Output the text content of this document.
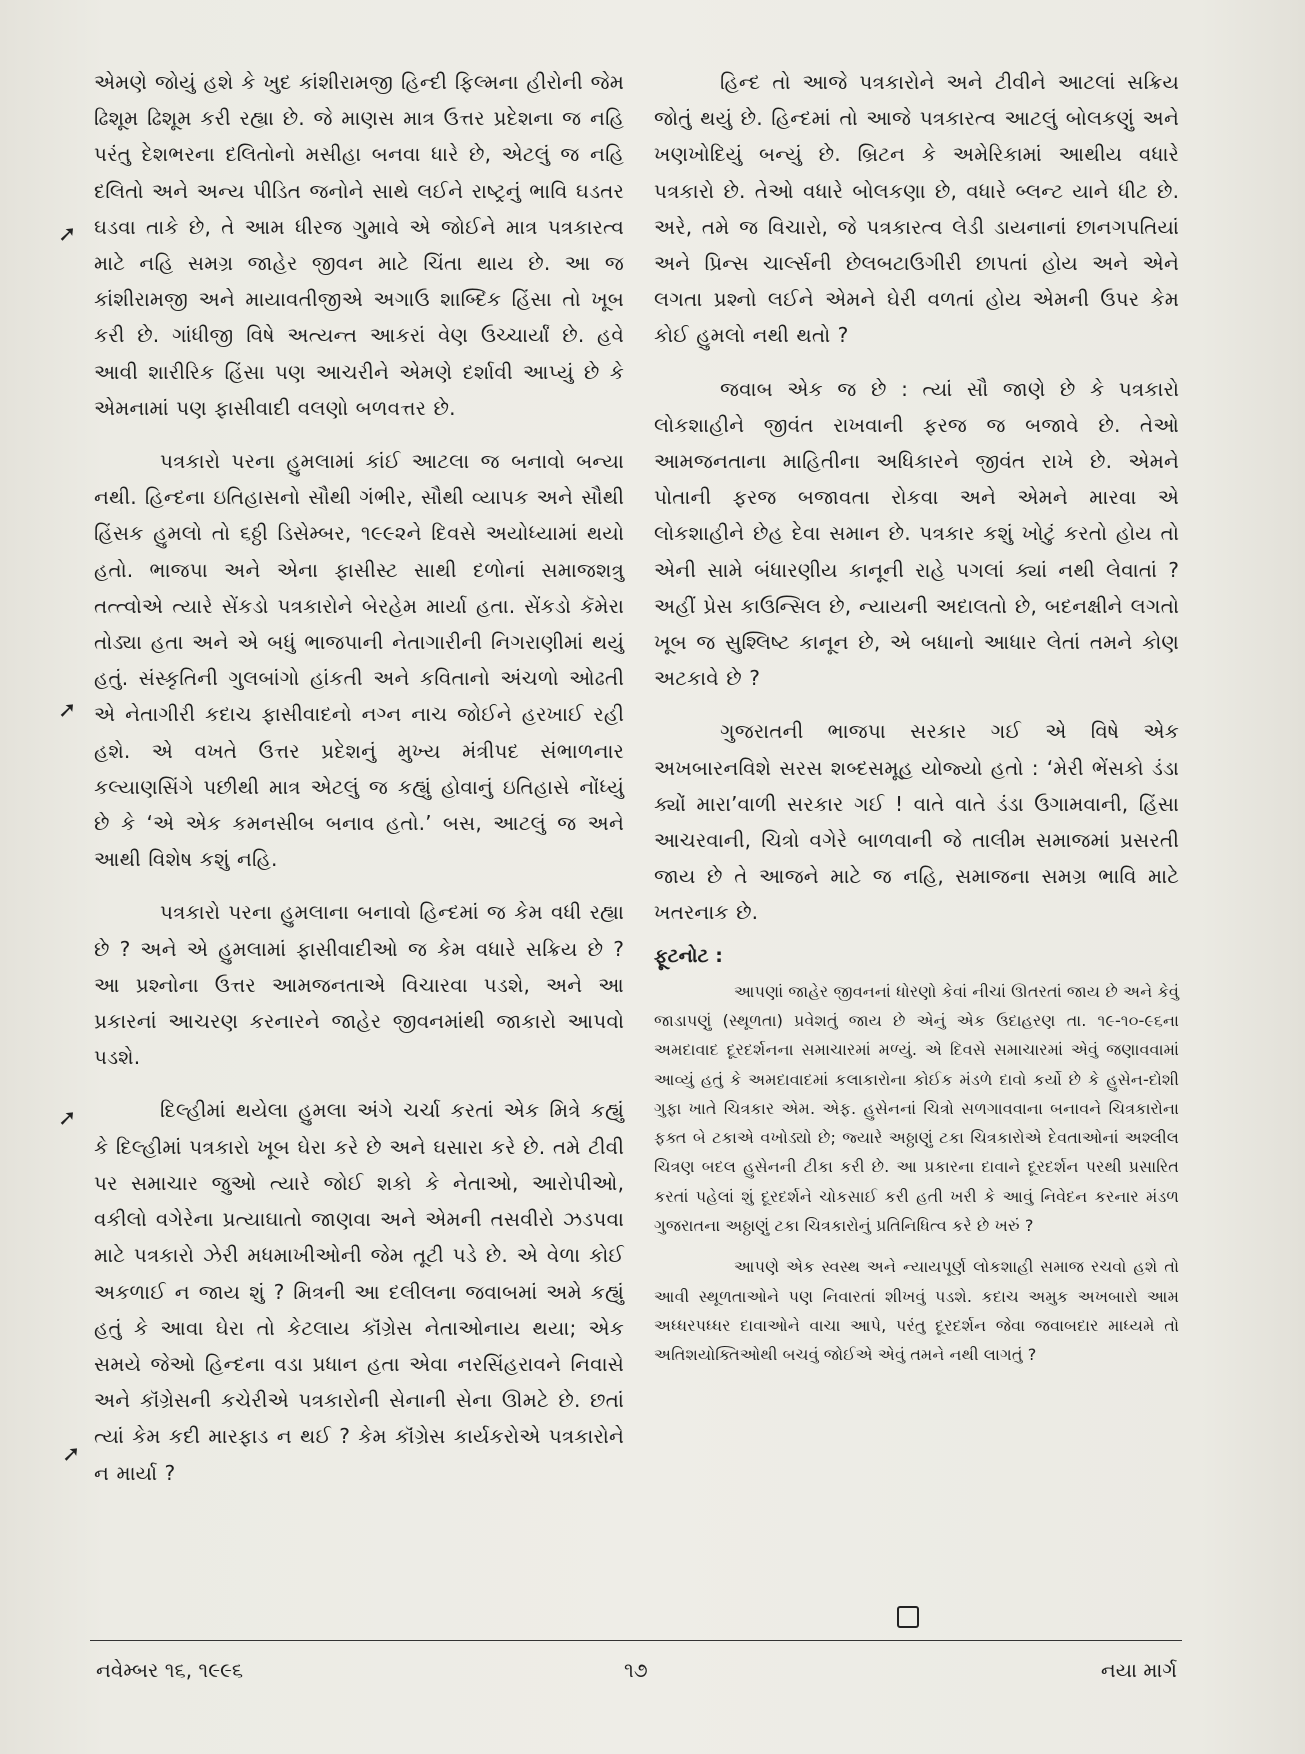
એમણે જોયું હશે કે ખુદ કાંશીરામજી હિન્દી ફિલ્મના હીરોની જેમ ઢિશૂમ ઢિશૂમ કરી રહ્યા છે. જે માણસ માત્ર ઉત્તર પ્રદેશના જ નહિ પરંતુ દેશભરના દલિતોનો મસીહા બનવા ધારે છે, એટલું જ નહિ દલિતો અને અન્ય પીડિત જનોને સાથે લઈને રાષ્ટ્રનું ભાવિ ઘડતર ઘડવા તાકે છે, તે આમ ધીરજ ગુમાવે એ જોઈને માત્ર પત્રકારત્વ માટે નહિ સમગ્ર જાહેર જીવન માટે ચિંતા થાય છે. આ જ કાંશીરામજી અને માયાવતીજીએ અગાઉ શાબ્દિક હિંસા તો ખૂબ કરી છે. ગાંધીજી વિષે અત્યન્ત આકરાં વેણ ઉચ્ચાર્યાં છે. હવે આવી શારીરિક હિંસા પણ આચરીને એમણે દર્શાવી આપ્યું છે કે એમનામાં પણ ફાસીવાદી વલણો બળવત્તર છે.

પત્રકારો પરના હુમલામાં કાંઈ આટલા જ બનાવો બન્યા નથી. હિન્દના ઇતિહાસનો સૌથી ગંભીર, સૌથી વ્યાપક અને સૌથી હિંસક હુમલો તો ૬ઠ્ઠી ડિસેમ્બર, ૧૯૯૨ને દિવસે અયોધ્યામાં થયો હતો. ભાજપા અને એના ફાસીસ્ટ સાથી દળોનાં સમાજશત્રુ તત્ત્વોએ ત્યારે સેંકડો પત્રકારોને બેરહેમ માર્યા હતા. સેંકડો કૅમેરા તોડ્યા હતા અને એ બધું ભાજપાની નેતાગારીની નિગરાણીમાં થયું હતું. સંસ્કૃતિની ગુલબાંગો હાંકતી અને કવિતાનો અંચળો ઓઢતી એ નેતાગીરી કદાચ ફાસીવાદનો નગ્ન નાચ જોઈને હરખાઈ રહી હશે. એ વખતે ઉત્તર પ્રદેશનું મુખ્ય મંત્રીપદ સંભાળનાર કલ્યાણસિંગે પછીથી માત્ર એટલું જ કહ્યું હોવાનું ઇતિહાસે નોંધ્યું છે કે ‘એ એક કમનસીબ બનાવ હતો.’ બસ, આટલું જ અને આથી વિશેષ કશું નહિ.

પત્રકારો પરના હુમલાના બનાવો હિન્દમાં જ કેમ વધી રહ્યા છે ? અને એ હુમલામાં ફાસીવાદીઓ જ કેમ વધારે સક્રિય છે ? આ પ્રશ્નોના ઉત્તર આમજનતાએ વિચારવા પડશે, અને આ પ્રકારનાં આચરણ કરનારને જાહેર જીવનમાંથી જાકારો આપવો પડશે.

દિલ્હીમાં થયેલા હુમલા અંગે ચર્ચા કરતાં એક મિત્રે કહ્યું કે દિલ્હીમાં પત્રકારો ખૂબ ઘેરા કરે છે અને ઘસારા કરે છે. તમે ટીવી પર સમાચાર જુઓ ત્યારે જોઈ શકો કે નેતાઓ, આરોપીઓ, વકીલો વગેરેના પ્રત્યાઘાતો જાણવા અને એમની તસવીરો ઝડપવા માટે પત્રકારો ઝેરી મધમાખીઓની જેમ તૂટી પડે છે. એ વેળા કોઈ અકળાઈ ન જાય શું ? મિત્રની આ દલીલના જવાબમાં અમે કહ્યું હતું કે આવા ઘેરા તો કેટલાય કૉંગ્રેસ નેતાઓનાય થયા; એક સમયે જેઓ હિન્દના વડા પ્રધાન હતા એવા નરસિંહરાવને નિવાસે અને કૉંગ્રેસની કચેરીએ પત્રકારોની સેનાની સેના ઊમટે છે. છતાં ત્યાં કેમ કદી મારફાડ ન થઈ ? કેમ કૉંગ્રેસ કાર્યકરોએ પત્રકારોને ન માર્યા ?

હિન્દ તો આજે પત્રકારોને અને ટીવીને આટલાં સક્રિય જોતું થયું છે. હિન્દમાં તો આજે પત્રકારત્વ આટલું બોલકણું અને ખણખોદિયું બન્યું છે. બ્રિટન કે અમેરિકામાં આથીય વધારે પત્રકારો છે. તેઓ વધારે બોલકણા છે, વધારે બ્લન્ટ યાને ધીટ છે. અરે, તમે જ વિચારો, જે પત્રકારત્વ લેડી ડાયનાનાં છાનગપતિયાં અને પ્રિન્સ ચાર્લ્સની છેલબટાઉગીરી છાપતાં હોય અને એને લગતા પ્રશ્નો લઈને એમને ઘેરી વળતાં હોય એમની ઉપર કેમ કોઈ હુમલો નથી થતો ?

જવાબ એક જ છે : ત્યાં સૌ જાણે છે કે પત્રકારો લોકશાહીને જીવંત રાખવાની ફરજ જ બજાવે છે. તેઓ આમજનતાના માહિતીના અધિકારને જીવંત રાખે છે. એમને પોતાની ફરજ બજાવતા રોકવા અને એમને મારવા એ લોકશાહીને છેહ દેવા સમાન છે. પત્રકાર કશું ખોટું કરતો હોય તો એની સામે બંધારણીય કાનૂની રાહે પગલાં ક્યાં નથી લેવાતાં ? અહીં પ્રેસ કાઉન્સિલ છે, ન્યાયની અદાલતો છે, બદનક્ષીને લગતો ખૂબ જ સુશ્લિષ્ટ કાનૂન છે, એ બધાનો આધાર લેતાં તમને કોણ અટકાવે છે ?

ગુજરાતની ભાજપા સરકાર ગઈ એ વિષે એક અખબારનવિશે સરસ શબ્દસમૂહ યોજ્યો હતો : ‘મેરી ભેંસકો ડંડા ક્યોં મારા’વાળી સરકાર ગઈ ! વાતે વાતે ડંડા ઉગામવાની, હિંસા આચરવાની, ચિત્રો વગેરે બાળવાની જે તાલીમ સમાજમાં પ્રસરતી જાય છે તે આજને માટે જ નહિ, સમાજના સમગ્ર ભાવિ માટે ખતરનાક છે.

ફૂટનોટ :

આપણાં જાહેર જીવનનાં ધોરણો કેવાં નીચાં ઊતરતાં જાય છે અને કેવું જાડાપણું (સ્થૂળતા) પ્રવેશતું જાય છે એનું એક ઉદાહરણ તા. ૧૯-૧૦-૯૬ના અમદાવાદ દૂરદર્શનના સમાચારમાં મળ્યું. એ દિવસે સમાચારમાં એવું જણાવવામાં આવ્યું હતું કે અમદાવાદમાં કલાકારોના કોઈક મંડળે દાવો કર્યો છે કે હુસેન-દોશી ગુફા ખાતે ચિત્રકાર એમ. એફ. હુસેનનાં ચિત્રો સળગાવવાના બનાવને ચિત્રકારોના ફક્ત બે ટકાએ વખોડ્યો છે; જ્યારે અઠ્ઠાણું ટકા ચિત્રકારોએ દેવતાઓનાં અશ્લીલ ચિત્રણ બદલ હુસેનની ટીકા કરી છે. આ પ્રકારના દાવાને દૂરદર્શન પરથી પ્રસારિત કરતાં પહેલાં શું દૂરદર્શને ચોકસાઈ કરી હતી ખરી કે આવું નિવેદન કરનાર મંડળ ગુજરાતના અઠ્ઠાણું ટકા ચિત્રકારોનું પ્રતિનિધિત્વ કરે છે ખરું ?

આપણે એક સ્વસ્થ અને ન્યાયપૂર્ણ લોકશાહી સમાજ રચવો હશે તો આવી સ્થૂળતાઓને પણ નિવારતાં શીખવું પડશે. કદાચ અમુક અખબારો આમ અધ્ધરપધ્ધર દાવાઓને વાચા આપે, પરંતુ દૂરદર્શન જેવા જવાબદાર માધ્યમે તો અતિશયોક્તિઓથી બચવું જોઈએ એવું તમને નથી લાગતું ?

➚
➚
➚
➚
નવેમ્બર ૧૬, ૧૯૯૬	૧૭	નયા માર્ગ
